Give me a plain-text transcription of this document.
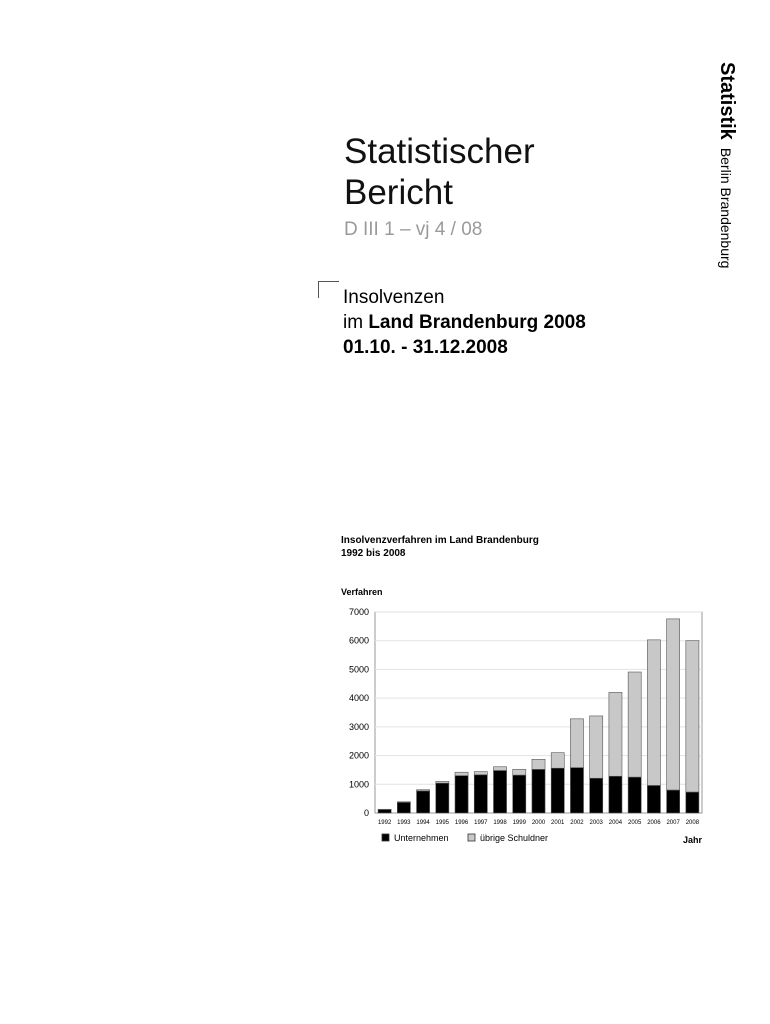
Statistischer
Bericht
D III 1 – vj 4 / 08
Insolvenzen
im Land Brandenburg 2008
01.10. - 31.12.2008
StatistikBerlin Brandenburg
Insolvenzverfahren im Land Brandenburg
1992 bis 2008
Verfahren
0
1000
2000
3000
4000
5000
6000
7000
1992 1993 1994 1995 1996 1997 1998 1999 2000 2001 2002 2003 2004 2005 2006 2007 2008
Unternehmen	übrige Schuldner	Jahr
